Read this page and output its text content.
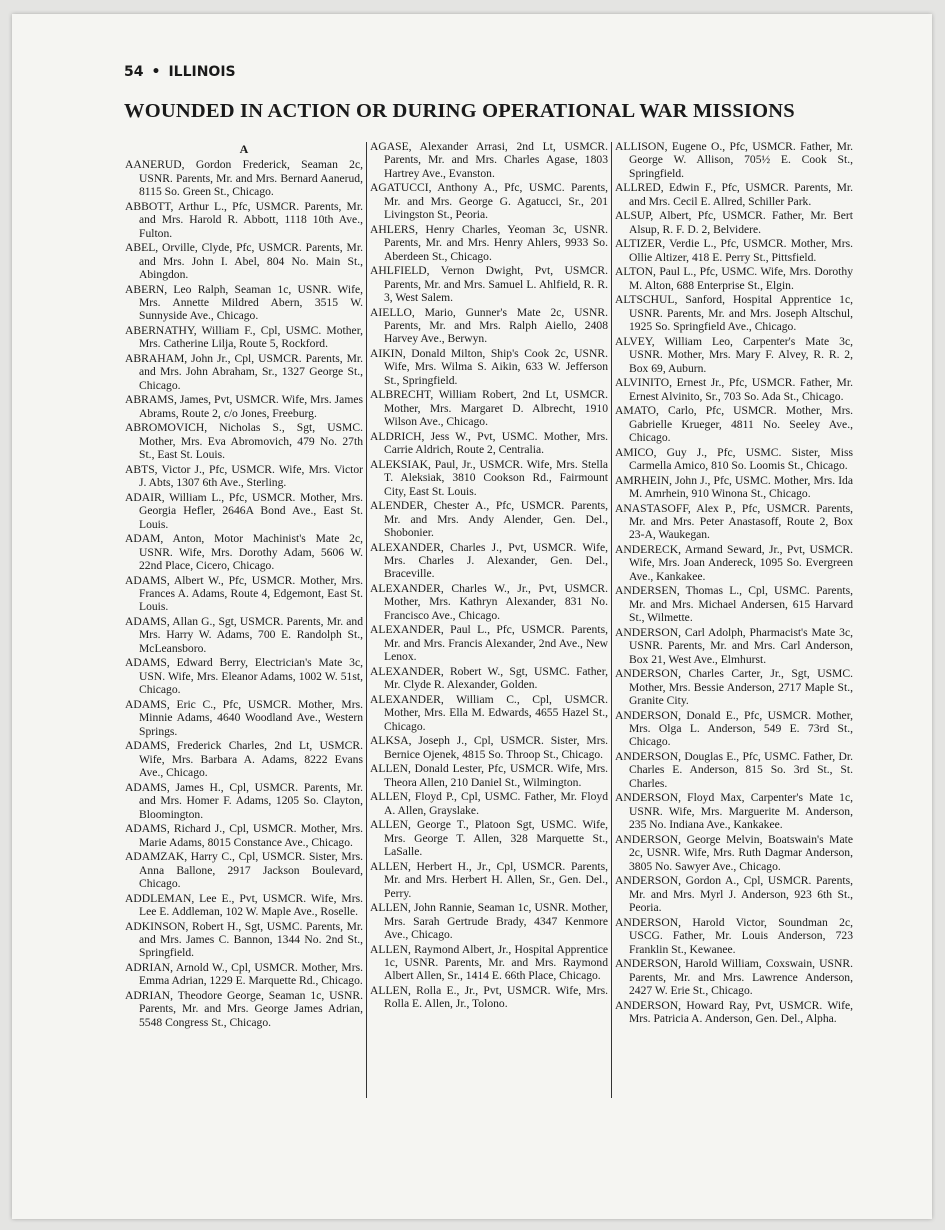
54 • ILLINOIS
WOUNDED IN ACTION OR DURING OPERATIONAL WAR MISSIONS
A
AANERUD, Gordon Frederick, Seaman 2c, USNR. Parents, Mr. and Mrs. Bernard Aanerud, 8115 So. Green St., Chicago.
ABBOTT, Arthur L., Pfc, USMCR. Parents, Mr. and Mrs. Harold R. Abbott, 1118 10th Ave., Fulton.
ABEL, Orville, Clyde, Pfc, USMCR. Parents, Mr. and Mrs. John I. Abel, 804 No. Main St., Abingdon.
ABERN, Leo Ralph, Seaman 1c, USNR. Wife, Mrs. Annette Mildred Abern, 3515 W. Sunnyside Ave., Chicago.
ABERNATHY, William F., Cpl, USMC. Mother, Mrs. Catherine Lilja, Route 5, Rockford.
ABRAHAM, John Jr., Cpl, USMCR. Parents, Mr. and Mrs. John Abraham, Sr., 1327 George St., Chicago.
ABRAMS, James, Pvt, USMCR. Wife, Mrs. James Abrams, Route 2, c/o Jones, Freeburg.
ABROMOVICH, Nicholas S., Sgt, USMC. Mother, Mrs. Eva Abromovich, 479 No. 27th St., East St. Louis.
ABTS, Victor J., Pfc, USMCR. Wife, Mrs. Victor J. Abts, 1307 6th Ave., Sterling.
ADAIR, William L., Pfc, USMCR. Mother, Mrs. Georgia Hefler, 2646A Bond Ave., East St. Louis.
ADAM, Anton, Motor Machinist's Mate 2c, USNR. Wife, Mrs. Dorothy Adam, 5606 W. 22nd Place, Cicero, Chicago.
ADAMS, Albert W., Pfc, USMCR. Mother, Mrs. Frances A. Adams, Route 4, Edgemont, East St. Louis.
ADAMS, Allan G., Sgt, USMCR. Parents, Mr. and Mrs. Harry W. Adams, 700 E. Randolph St., McLeansboro.
ADAMS, Edward Berry, Electrician's Mate 3c, USN. Wife, Mrs. Eleanor Adams, 1002 W. 51st, Chicago.
ADAMS, Eric C., Pfc, USMCR. Mother, Mrs. Minnie Adams, 4640 Woodland Ave., Western Springs.
ADAMS, Frederick Charles, 2nd Lt, USMCR. Wife, Mrs. Barbara A. Adams, 8222 Evans Ave., Chicago.
ADAMS, James H., Cpl, USMCR. Parents, Mr. and Mrs. Homer F. Adams, 1205 So. Clayton, Bloomington.
ADAMS, Richard J., Cpl, USMCR. Mother, Mrs. Marie Adams, 8015 Constance Ave., Chicago.
ADAMZAK, Harry C., Cpl, USMCR. Sister, Mrs. Anna Ballone, 2917 Jackson Boulevard, Chicago.
ADDLEMAN, Lee E., Pvt, USMCR. Wife, Mrs. Lee E. Addleman, 102 W. Maple Ave., Roselle.
ADKINSON, Robert H., Sgt, USMC. Parents, Mr. and Mrs. James C. Bannon, 1344 No. 2nd St., Springfield.
ADRIAN, Arnold W., Cpl, USMCR. Mother, Mrs. Emma Adrian, 1229 E. Marquette Rd., Chicago.
ADRIAN, Theodore George, Seaman 1c, USNR. Parents, Mr. and Mrs. George James Adrian, 5548 Congress St., Chicago.
AGASE, Alexander Arrasi, 2nd Lt, USMCR. Parents, Mr. and Mrs. Charles Agase, 1803 Hartrey Ave., Evanston.
AGATUCCI, Anthony A., Pfc, USMC. Parents, Mr. and Mrs. George G. Agatucci, Sr., 201 Livingston St., Peoria.
AHLERS, Henry Charles, Yeoman 3c, USNR. Parents, Mr. and Mrs. Henry Ahlers, 9933 So. Aberdeen St., Chicago.
AHLFIELD, Vernon Dwight, Pvt, USMCR. Parents, Mr. and Mrs. Samuel L. Ahlfield, R. R. 3, West Salem.
AIELLO, Mario, Gunner's Mate 2c, USNR. Parents, Mr. and Mrs. Ralph Aiello, 2408 Harvey Ave., Berwyn.
AIKIN, Donald Milton, Ship's Cook 2c, USNR. Wife, Mrs. Wilma S. Aikin, 633 W. Jefferson St., Springfield.
ALBRECHT, William Robert, 2nd Lt, USMCR. Mother, Mrs. Margaret D. Albrecht, 1910 Wilson Ave., Chicago.
ALDRICH, Jess W., Pvt, USMC. Mother, Mrs. Carrie Aldrich, Route 2, Centralia.
ALEKSIAK, Paul, Jr., USMCR. Wife, Mrs. Stella T. Aleksiak, 3810 Cookson Rd., Fairmount City, East St. Louis.
ALENDER, Chester A., Pfc, USMCR. Parents, Mr. and Mrs. Andy Alender, Gen. Del., Shobonier.
ALEXANDER, Charles J., Pvt, USMCR. Wife, Mrs. Charles J. Alexander, Gen. Del., Braceville.
ALEXANDER, Charles W., Jr., Pvt, USMCR. Mother, Mrs. Kathryn Alexander, 831 No. Francisco Ave., Chicago.
ALEXANDER, Paul L., Pfc, USMCR. Parents, Mr. and Mrs. Francis Alexander, 2nd Ave., New Lenox.
ALEXANDER, Robert W., Sgt, USMC. Father, Mr. Clyde R. Alexander, Golden.
ALEXANDER, William C., Cpl, USMCR. Mother, Mrs. Ella M. Edwards, 4655 Hazel St., Chicago.
ALKSA, Joseph J., Cpl, USMCR. Sister, Mrs. Bernice Ojenek, 4815 So. Throop St., Chicago.
ALLEN, Donald Lester, Pfc, USMCR. Wife, Mrs. Theora Allen, 210 Daniel St., Wilmington.
ALLEN, Floyd P., Cpl, USMC. Father, Mr. Floyd A. Allen, Grayslake.
ALLEN, George T., Platoon Sgt, USMC. Wife, Mrs. George T. Allen, 328 Marquette St., LaSalle.
ALLEN, Herbert H., Jr., Cpl, USMCR. Parents, Mr. and Mrs. Herbert H. Allen, Sr., Gen. Del., Perry.
ALLEN, John Rannie, Seaman 1c, USNR. Mother, Mrs. Sarah Gertrude Brady, 4347 Kenmore Ave., Chicago.
ALLEN, Raymond Albert, Jr., Hospital Apprentice 1c, USNR. Parents, Mr. and Mrs. Raymond Albert Allen, Sr., 1414 E. 66th Place, Chicago.
ALLEN, Rolla E., Jr., Pvt, USMCR. Wife, Mrs. Rolla E. Allen, Jr., Tolono.
ALLISON, Eugene O., Pfc, USMCR. Father, Mr. George W. Allison, 705½ E. Cook St., Springfield.
ALLRED, Edwin F., Pfc, USMCR. Parents, Mr. and Mrs. Cecil E. Allred, Schiller Park.
ALSUP, Albert, Pfc, USMCR. Father, Mr. Bert Alsup, R. F. D. 2, Belvidere.
ALTIZER, Verdie L., Pfc, USMCR. Mother, Mrs. Ollie Altizer, 418 E. Perry St., Pittsfield.
ALTON, Paul L., Pfc, USMC. Wife, Mrs. Dorothy M. Alton, 688 Enterprise St., Elgin.
ALTSCHUL, Sanford, Hospital Apprentice 1c, USNR. Parents, Mr. and Mrs. Joseph Altschul, 1925 So. Springfield Ave., Chicago.
ALVEY, William Leo, Carpenter's Mate 3c, USNR. Mother, Mrs. Mary F. Alvey, R. R. 2, Box 69, Auburn.
ALVINITO, Ernest Jr., Pfc, USMCR. Father, Mr. Ernest Alvinito, Sr., 703 So. Ada St., Chicago.
AMATO, Carlo, Pfc, USMCR. Mother, Mrs. Gabrielle Krueger, 4811 No. Seeley Ave., Chicago.
AMICO, Guy J., Pfc, USMC. Sister, Miss Carmella Amico, 810 So. Loomis St., Chicago.
AMRHEIN, John J., Pfc, USMC. Mother, Mrs. Ida M. Amrhein, 910 Winona St., Chicago.
ANASTASOFF, Alex P., Pfc, USMCR. Parents, Mr. and Mrs. Peter Anastasoff, Route 2, Box 23-A, Waukegan.
ANDERECK, Armand Seward, Jr., Pvt, USMCR. Wife, Mrs. Joan Andereck, 1095 So. Evergreen Ave., Kankakee.
ANDERSEN, Thomas L., Cpl, USMC. Parents, Mr. and Mrs. Michael Andersen, 615 Harvard St., Wilmette.
ANDERSON, Carl Adolph, Pharmacist's Mate 3c, USNR. Parents, Mr. and Mrs. Carl Anderson, Box 21, West Ave., Elmhurst.
ANDERSON, Charles Carter, Jr., Sgt, USMC. Mother, Mrs. Bessie Anderson, 2717 Maple St., Granite City.
ANDERSON, Donald E., Pfc, USMCR. Mother, Mrs. Olga L. Anderson, 549 E. 73rd St., Chicago.
ANDERSON, Douglas E., Pfc, USMC. Father, Dr. Charles E. Anderson, 815 So. 3rd St., St. Charles.
ANDERSON, Floyd Max, Carpenter's Mate 1c, USNR. Wife, Mrs. Marguerite M. Anderson, 235 No. Indiana Ave., Kankakee.
ANDERSON, George Melvin, Boatswain's Mate 2c, USNR. Wife, Mrs. Ruth Dagmar Anderson, 3805 No. Sawyer Ave., Chicago.
ANDERSON, Gordon A., Cpl, USMCR. Parents, Mr. and Mrs. Myrl J. Anderson, 923 6th St., Peoria.
ANDERSON, Harold Victor, Soundman 2c, USCG. Father, Mr. Louis Anderson, 723 Franklin St., Kewanee.
ANDERSON, Harold William, Coxswain, USNR. Parents, Mr. and Mrs. Lawrence Anderson, 2427 W. Erie St., Chicago.
ANDERSON, Howard Ray, Pvt, USMCR. Wife, Mrs. Patricia A. Anderson, Gen. Del., Alpha.
